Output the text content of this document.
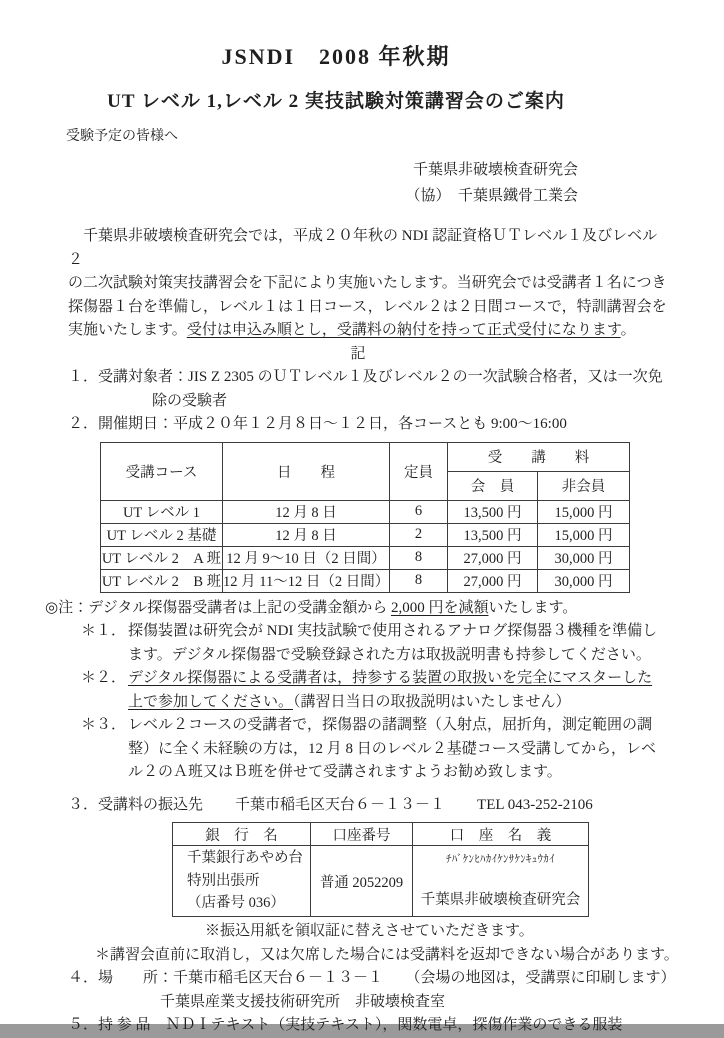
JSNDI　2008 年秋期
UT レベル 1,レベル 2 実技試験対策講習会のご案内
受験予定の皆様へ
千葉県非破壊検査研究会
（協）　千葉県鐵骨工業会
　千葉県非破壊検査研究会では，平成２０年秋の NDI 認証資格ＵＴレベル１及びレベル２
の二次試験対策実技講習会を下記により実施いたします。当研究会では受講者１名につき
探傷器１台を準備し，レベル１は１日コース，レベル２は２日間コースで，特訓講習会を
実施いたします。受付は申込み順とし，受講料の納付を持って正式受付になります。
記
１．受講対象者：JIS Z 2305 のＵＴレベル１及びレベル２の一次試験合格者，又は一次免
除の受験者
２．開催期日：平成２０年１２月８日～１２日，各コースとも 9:00～16:00
受講コース	日　　程	定員	受　　講　　料	
			会　員	非会員
UT レベル 1	12 月 8 日	6	13,500 円	15,000 円
UT レベル 2 基礎	12 月 8 日	2	13,500 円	15,000 円
UT レベル 2　A 班	12 月 9～10 日（2 日間）	8	27,000 円	30,000 円
UT レベル 2　B 班	12 月 11～12 日（2 日間）	8	27,000 円	30,000 円
◎注：デジタル探傷器受講者は上記の受講金額から 2,000 円を減額いたします。
＊１． 探傷装置は研究会が NDI 実技試験で使用されるアナログ探傷器３機種を準備し
ます。デジタル探傷器で受験登録された方は取扱説明書も持参してください。
＊２． デジタル探傷器による受講者は，持参する装置の取扱いを完全にマスターした
上で参加してください。（講習日当日の取扱説明はいたしません）
＊３． レベル２コースの受講者で，探傷器の諸調整（入射点，屈折角，測定範囲の調
整）に全く未経験の方は，12 月 8 日のレベル２基礎コース受講してから，レベ
ル２のＡ班又はＢ班を併せて受講されますようお勧め致します。
３．受講料の振込先 千葉市稲毛区天台６－１３－１ TEL 043-252-2106
銀　行　名	口座番号	口　座　名　義

千葉銀行あやめ台
特別出張所
（店番号 036）
	普通 2052209	
ﾁﾊﾞｹﾝﾋﾊｶｲｹﾝｻｹﾝｷｭｳｶｲ
千葉県非破壊検査研究会
※振込用紙を領収証に替えさせていただきます。
＊講習会直前に取消し，又は欠席した場合には受講料を返却できない場合があります。
４．場　　所：千葉市稲毛区天台６－１３－１　　（会場の地図は，受講票に印刷します）
千葉県産業支援技術研究所　非破壊検査室
５．持 参 品　ＮＤＩテキスト（実技テキスト），関数電卓，探傷作業のできる服装
